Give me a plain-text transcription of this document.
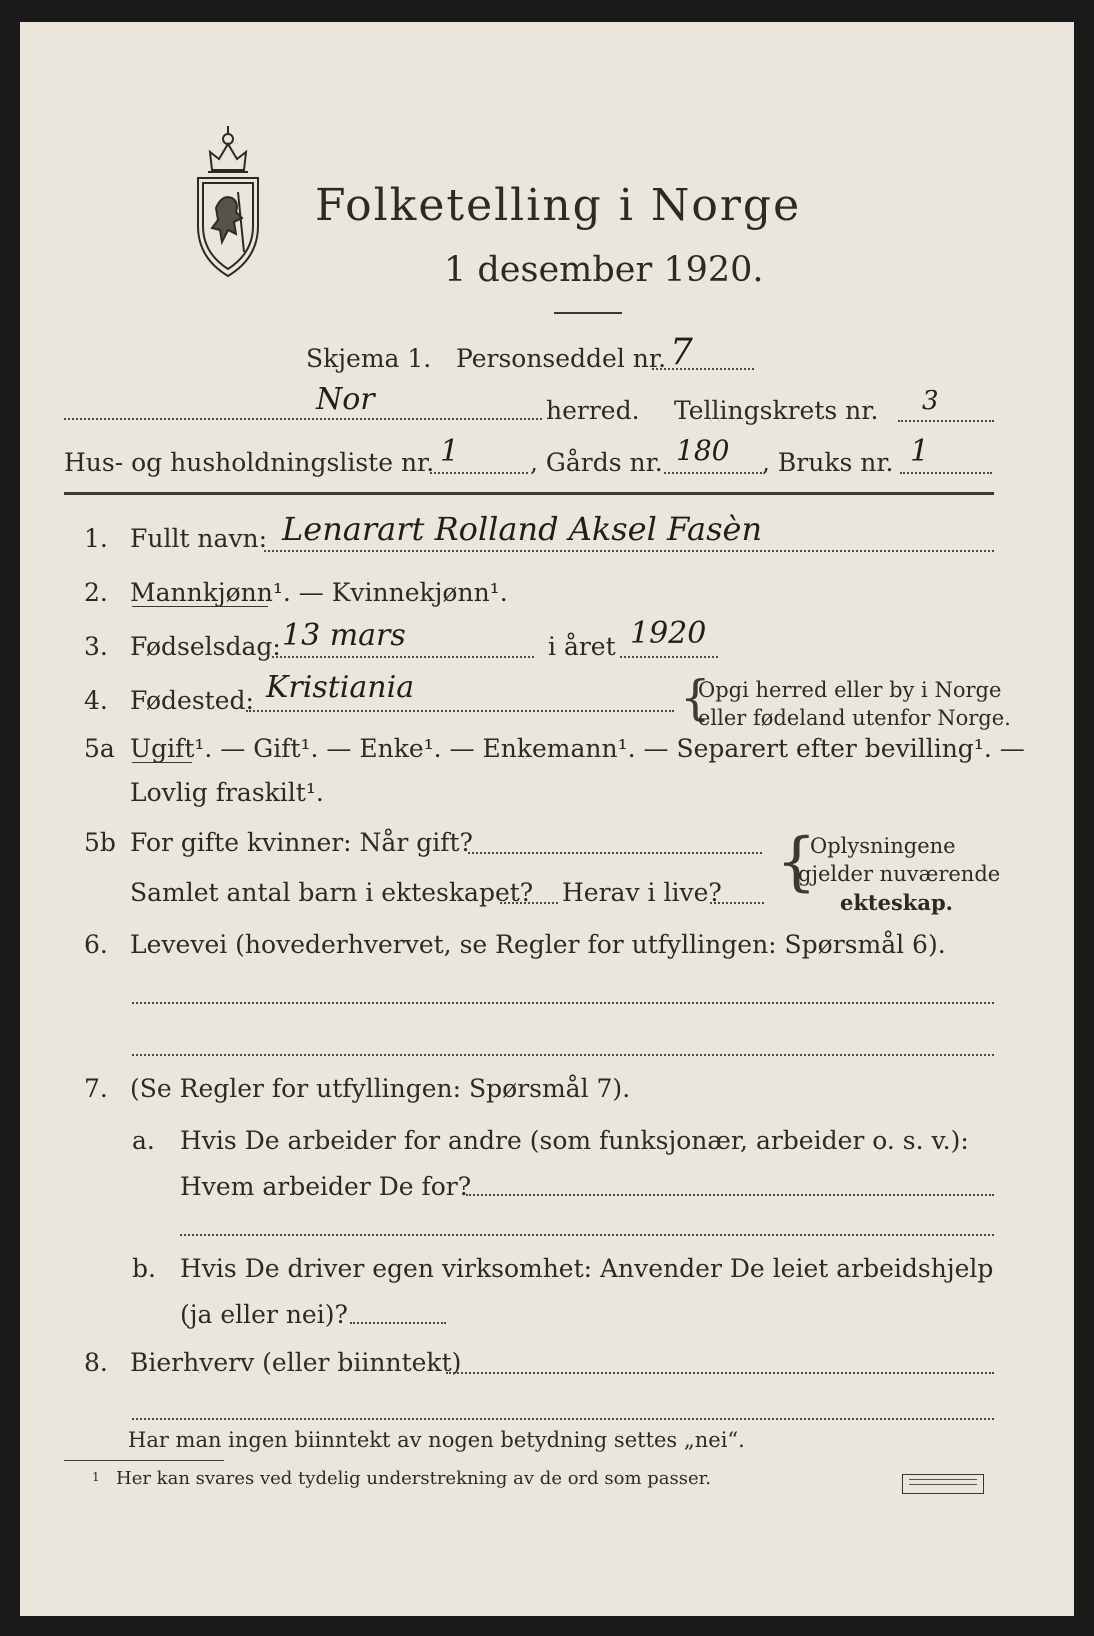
Folketelling i Norge
1 desember 1920.
Skjema 1. Personseddel nr. 7
Nor	herred. Tellingskrets nr. 3
Hus- og husholdningsliste nr. 1	, Gårds nr. 180 , Bruks nr. 1
1. Fullt navn: Lenarart Rolland Aksel Fasèn
2. Mannkjønn¹. — Kvinnekjønn¹.
3. Fødselsdag: 13 mars	i året 1920
4. Fødested: Kristiania	{
Opgi herred eller by i Norge
eller fødeland utenfor Norge.
5a Ugift¹. — Gift¹. — Enke¹. — Enkemann¹. — Separert efter bevilling¹. —
Lovlig fraskilt¹.
5b For gifte kvinner: Når gift?
Samlet antal barn i ekteskapet? Herav i live? {
Oplysningene
gjelder nuværende
ekteskap.
6. Levevei (hovederhvervet, se Regler for utfyllingen: Spørsmål 6).
7. (Se Regler for utfyllingen: Spørsmål 7).
a. Hvis De arbeider for andre (som funksjonær, arbeider o. s. v.):
Hvem arbeider De for?
b. Hvis De driver egen virksomhet: Anvender De leiet arbeidshjelp
(ja eller nei)?
8. Bierhverv (eller biinntekt)
Har man ingen biinntekt av nogen betydning settes „nei“.
1 Her kan svares ved tydelig understrekning av de ord som passer.
